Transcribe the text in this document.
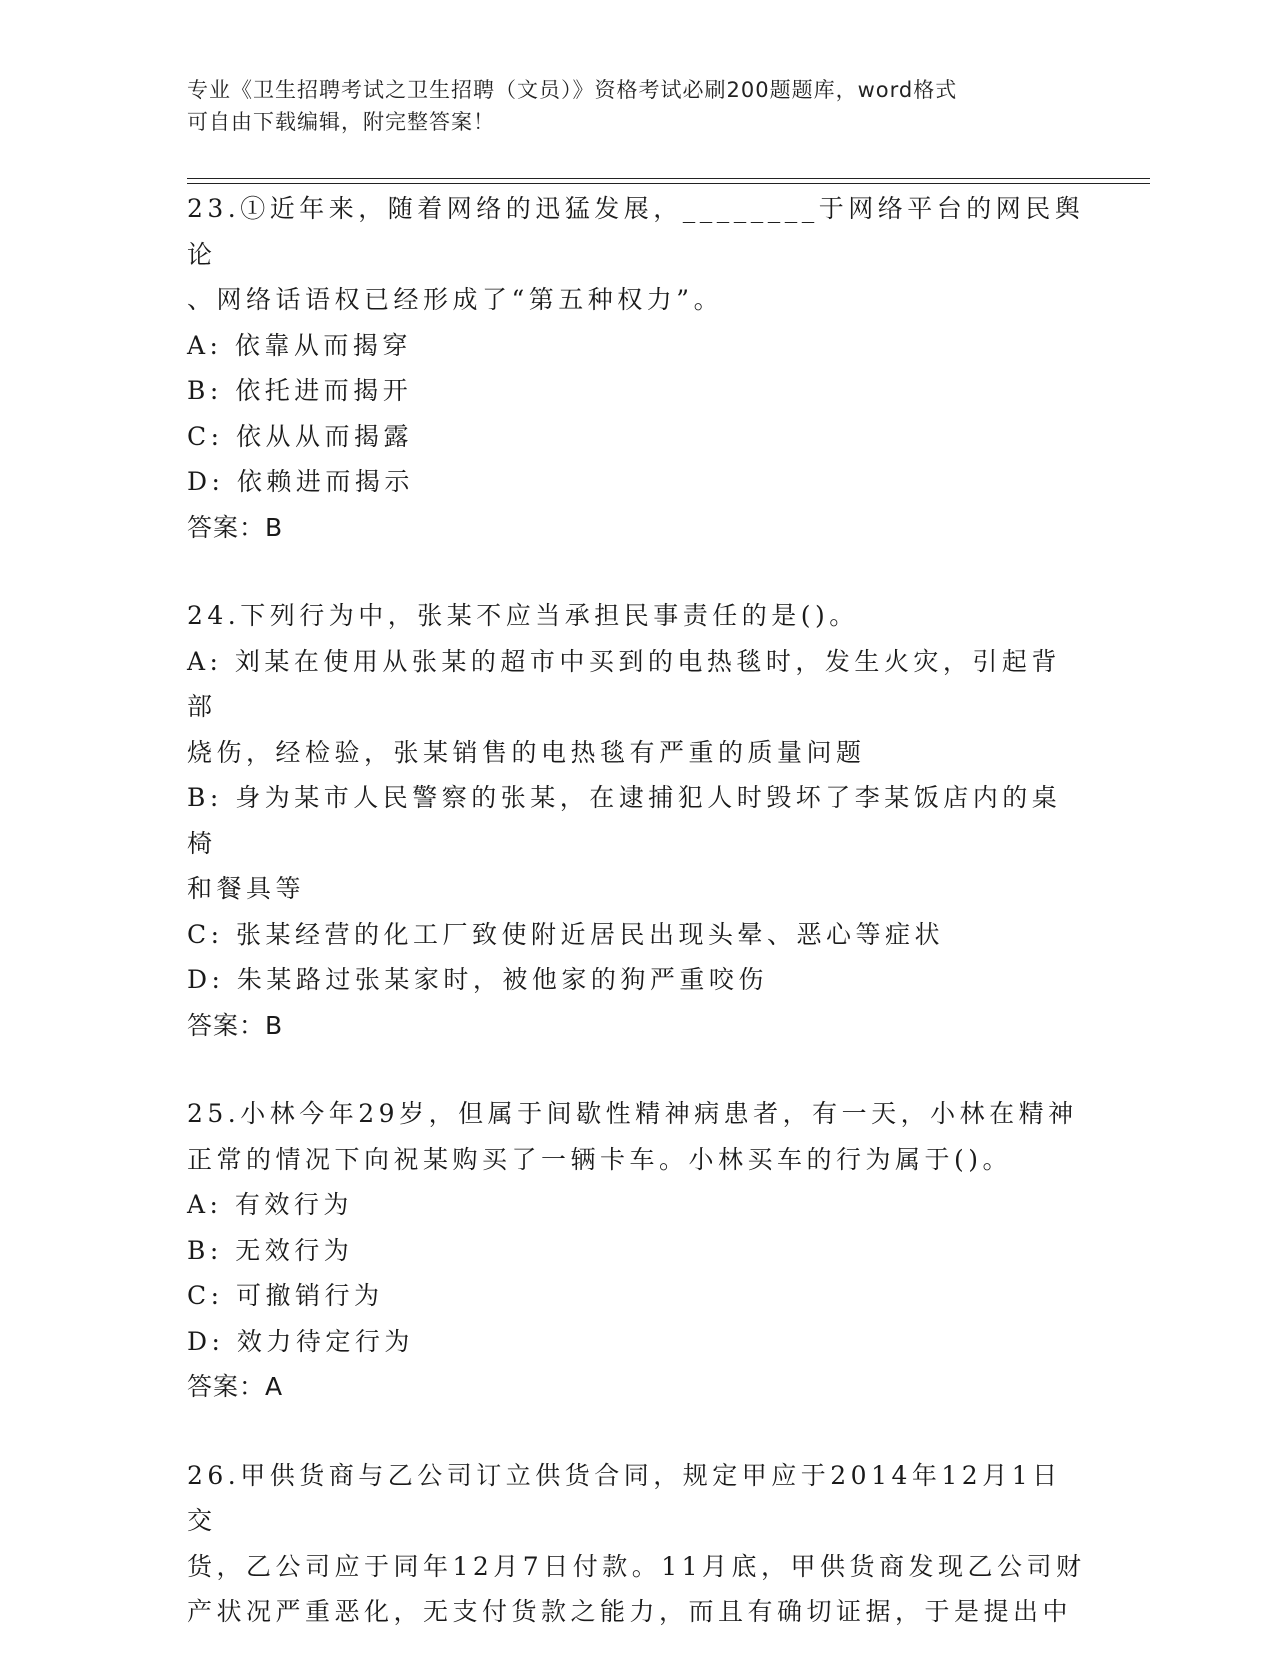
专业《卫生招聘考试之卫生招聘（文员）》资格考试必刷200题题库，word格式
可自由下载编辑，附完整答案！
23.①近年来，随着网络的迅猛发展，________于网络平台的网民舆论
、网络话语权已经形成了“第五种权力”。
A: 依靠从而揭穿
B: 依托进而揭开
C: 依从从而揭露
D: 依赖进而揭示
答案：B
24.下列行为中，张某不应当承担民事责任的是()。
A: 刘某在使用从张某的超市中买到的电热毯时，发生火灾，引起背部
烧伤，经检验，张某销售的电热毯有严重的质量问题
B: 身为某市人民警察的张某，在逮捕犯人时毁坏了李某饭店内的桌椅
和餐具等
C: 张某经营的化工厂致使附近居民出现头晕、恶心等症状
D: 朱某路过张某家时，被他家的狗严重咬伤
答案：B
25.小林今年29岁，但属于间歇性精神病患者，有一天，小林在精神
正常的情况下向祝某购买了一辆卡车。小林买车的行为属于()。
A: 有效行为
B: 无效行为
C: 可撤销行为
D: 效力待定行为
答案：A
26.甲供货商与乙公司订立供货合同，规定甲应于2014年12月1日交
货，乙公司应于同年12月7日付款。11月底，甲供货商发现乙公司财
产状况严重恶化，无支付货款之能力，而且有确切证据，于是提出中
